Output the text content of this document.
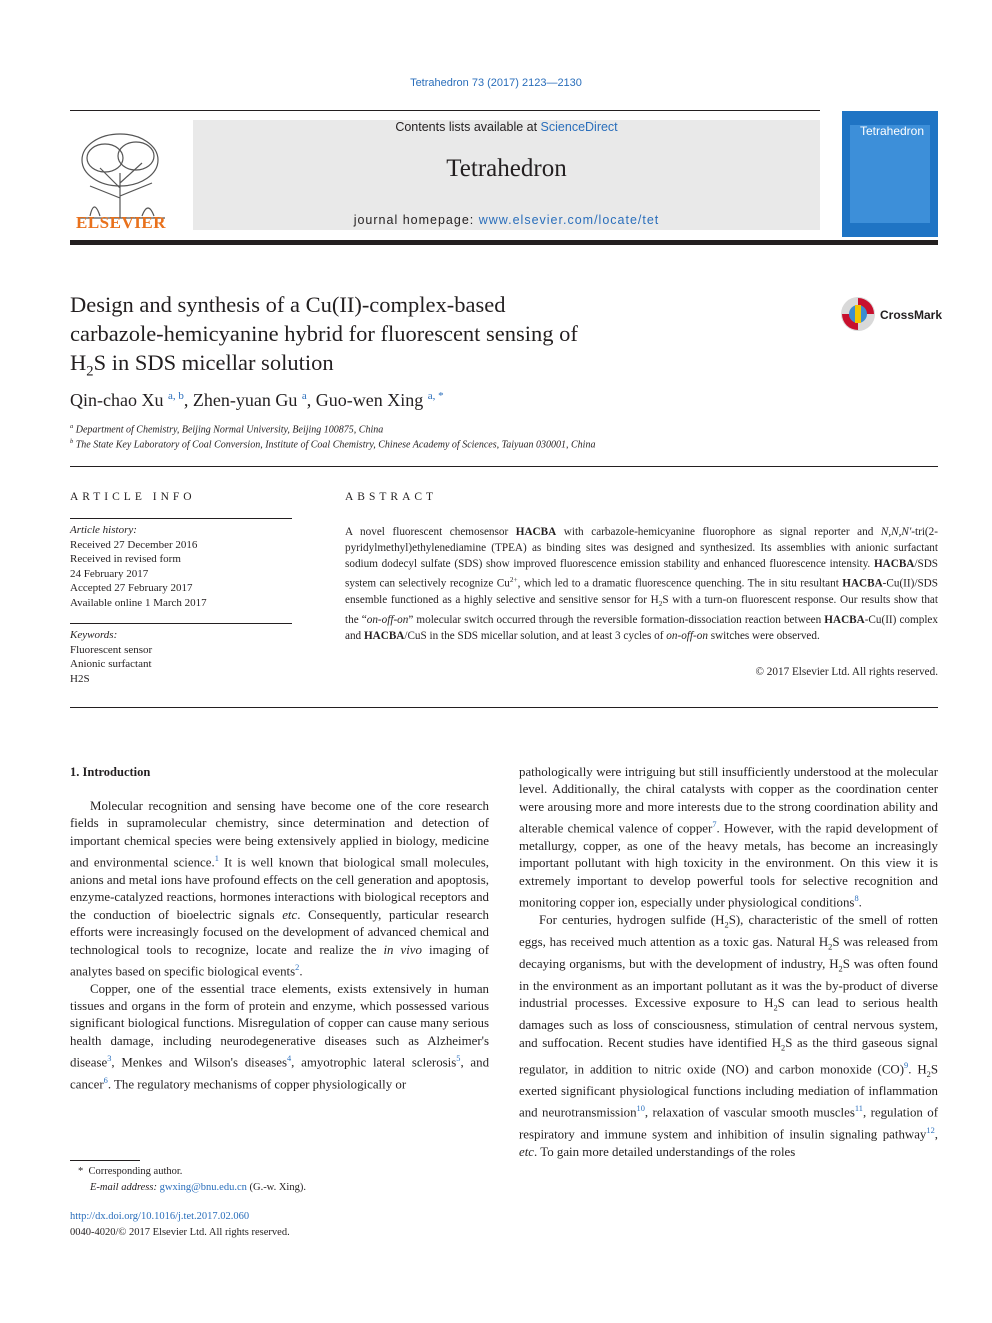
Tetrahedron 73 (2017) 2123—2130
ELSEVIER
Contents lists available at ScienceDirect
Tetrahedron
journal homepage: www.elsevier.com/locate/tet
Tetrahedron
Design and synthesis of a Cu(II)-complex-based
carbazole-hemicyanine hybrid for fluorescent sensing of
$H_2S$ in SDS micellar solution
CrossMark
Qin-chao Xu $^{a, b}$, Zhen-yuan Gu $^a$, Guo-wen Xing $^{a, *}$
$^a$ Department of Chemistry, Beijing Normal University, Beijing 100875, China
$^b$ The State Key Laboratory of Coal Conversion, Institute of Coal Chemistry, Chinese Academy of Sciences, Taiyuan 030001, China
ARTICLE INFO
Article history:
Received 27 December 2016
Received in revised form
24 February 2017
Accepted 27 February 2017
Available online 1 March 2017
Keywords:
Fluorescent sensor
Anionic surfactant
H2S
ABSTRACT
A novel fluorescent chemosensor HACBA with carbazole-hemicyanine fluorophore as signal reporter and N,N,N'-tri(2-pyridylmethyl)ethylenediamine (TPEA) as binding sites was designed and synthesized. Its assemblies with anionic surfactant sodium dodecyl sulfate (SDS) show improved fluorescence emission stability and enhanced fluorescence intensity. HACBA/SDS system can selectively recognize $Cu^{2+}$, which led to a dramatic fluorescence quenching. The in situ resultant HACBA-Cu(II)/SDS ensemble functioned as a highly selective and sensitive sensor for $H_2S$ with a turn-on fluorescent response. Our results show that the “on-off-on” molecular switch occurred through the reversible formation-dissociation reaction between HACBA-Cu(II) complex and HACBA/CuS in the SDS micellar solution, and at least 3 cycles of on-off-on switches were observed.
© 2017 Elsevier Ltd. All rights reserved.
1. Introduction

Molecular recognition and sensing have become one of the core research fields in supramolecular chemistry, since determination and detection of important chemical species were being extensively applied in biology, medicine and environmental science.$^1$ It is well known that biological small molecules, anions and metal ions have profound effects on the cell generation and apoptosis, enzyme-catalyzed reactions, hormones interactions with biological receptors and the conduction of bioelectric signals etc. Consequently, particular research efforts were increasingly focused on the development of advanced chemical and technological tools to recognize, locate and realize the in vivo imaging of analytes based on specific biological events$^2$.

Copper, one of the essential trace elements, exists extensively in human tissues and organs in the form of protein and enzyme, which possessed various significant biological functions. Misregulation of copper can cause many serious health damage, including neurodegenerative diseases such as Alzheimer's disease$^3$, Menkes and Wilson's diseases$^4$, amyotrophic lateral sclerosis$^5$, and cancer$^6$. The regulatory mechanisms of copper physiologically or

pathologically were intriguing but still insufficiently understood at the molecular level. Additionally, the chiral catalysts with copper as the coordination center were arousing more and more interests due to the strong coordination ability and alterable chemical valence of copper$^7$. However, with the rapid development of metallurgy, copper, as one of the heavy metals, has become an increasingly important pollutant with high toxicity in the environment. On this view it is extremely important to develop powerful tools for selective recognition and monitoring copper ion, especially under physiological conditions$^8$.

For centuries, hydrogen sulfide $(H_2S)$, characteristic of the smell of rotten eggs, has received much attention as a toxic gas. Natural $H_2S$ was released from decaying organisms, but with the development of industry, $H_2S$ was often found in the environment as an important pollutant as it was the by-product of diverse industrial processes. Excessive exposure to $H_2S$ can lead to serious health damages such as loss of consciousness, stimulation of central nervous system, and suffocation. Recent studies have identified $H_2S$ as the third gaseous signal regulator, in addition to nitric oxide (NO) and carbon monoxide (CO)$^9$. $H_2S$ exerted significant physiological functions including mediation of inflammation and neurotransmission$^{10}$, relaxation of vascular smooth muscles$^{11}$, regulation of respiratory and immune system and inhibition of insulin signaling pathway$^{12}$, etc. To gain more detailed understandings of the roles

*  Corresponding author.
E-mail address: gwxing@bnu.edu.cn (G.-w. Xing).
http://dx.doi.org/10.1016/j.tet.2017.02.060
0040-4020/© 2017 Elsevier Ltd. All rights reserved.
